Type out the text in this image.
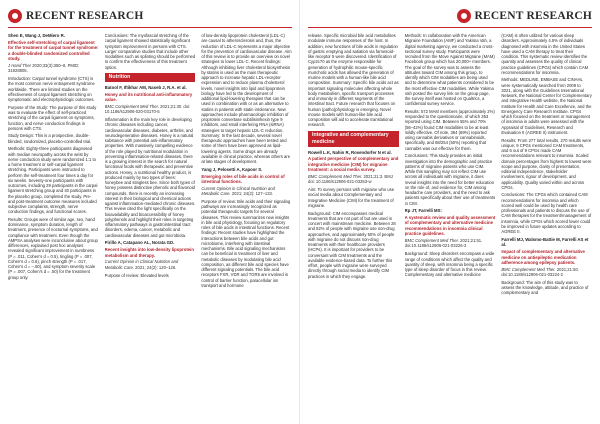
RECENT RESEARCH
Shen E, Wang J, DeMiero R.
Effective self-stretching of carpal ligament for the treatment of carpal tunnel syndrome: a double-blinded randomized controlled study.
J Hand Ther 2020;33(3):350–8. PMID: 31928805.

Introduction: Carpal tunnel syndrome (CTS) is the most common nerve entrapment syndrome worldwide. There are limited studies on the effectiveness of carpal ligament stretching on symptomatic and electrophysiologic outcomes.

Purpose of the Study: The purpose of this study was to evaluate the effect of self-practiced stretching of the carpal ligament on symptoms, function, and nerve conduction findings in persons with CTS.

Study Design: This is a prospective, double-blinded, randomized, placebo-controlled trial.

Methods: Eighty-three participants diagnosed with median neuropathy across the wrist by nerve conduction study were randomized 1:1 to a home treatment or self-carpal ligament stretching. Participants were instructed to perform the self-treatment four times a day for six weeks. Seventy-one participants with outcomes, including 29 participants in the carpal ligament stretching group and 40 participants in the placebo group, completed the study. Pre- and post-treatment outcome measures included subjective complaints, strength, nerve conduction findings, and functional scores.

Results: Groups were of similar age, sex, hand dominance, symptom duration, length of treatment, presence of nocturnal symptoms, and compliance with treatment. Even though the AMPSA analyses were inconclusive about group differences, explained post hoc analyses revealed significant improvement in numbness (P = .011, Cohen's d = 0.5), tingling (P = .007, Cohen's d = 0.6), pinch strength (P = .017, Cohen's d = −.50), and symptom severity scale (P = .007, Cohen's d = .50) for the treatment group only.

Conclusions: The myofascial stretching of the carpal ligament showed statistically significant symptom improvement in persons with CTS. Larger comparative studies that include other modalities such as splinting should be performed to confirm the effectiveness of this treatment option.

Nutrition
Batool F, Iftikhar AM, Naseb J, R.A. et al.
Honey and its nutritional anti-inflammatory value.
BMC Complement Med Ther. 2021;21:30. doi: 10.1186/s12906-020-03170-5

Inflammation is the main key role in developing chronic diseases including cancer, cardiovascular diseases, diabetes, arthritis, and neurodegenerative diseases. Honey is a natural substance with potential anti-inflammatory properties. With massively compelling evidence of the role played by nutritional modulation in preventing inflammation-related diseases, there is a growing interest in the search for natural functional foods with therapeutic and preventive actions. Honey, a nutritional healthy product, is produced mainly by two types of bees: honeybee and stingless bee. Since both types of honey possess distinctive phenolic and flavonoid compounds, there is recently an increasing interest in their biological and chemical actions against inflammation-mediated chronic diseases. This review cited the light specifically on the bioavailability and bioaccessibility of honey polyphenols and highlight their roles in targeting inflammatory pathways in gastrointestinal tract disorders, edema, cancer, metabolic and cardiovascular diseases and gut microbiota.

Pirillo A, Catapano AL, Norata GD.
Recent insights into low-density lipoprotein metabolism and therapy.
Current Opinion in Clinical Nutrition and Metabolic Care. 2021; 24(2): 120–126.

Purpose of review: Elevated levels

of low-density lipoprotein cholesterol (LDL-C) are causal to atherosclerosis and, thus, the reduction of LDL-C represents a major objective for the prevention of cardiovascular disease. Aim of this review is to provide an overview on novel strategies to lower LDL-C. Recent findings: Although inhibiting liver cholesterol biosynthesis by statins is used as the main therapeutic approach to increase hepatic LDL-receptor expression and to reduce plasma cholesterol levels, novel insights into lipid and lipoprotein biology have led to the development of additional lipid-lowering therapies that can be used in combination with or as an alternative to statins in patients with statin intolerance. New approaches include pharmacologic inhibition of proprotein convertase subtilisin/kexin type 9 inhibitors, and small interfering RNA (siRNA) strategies to target hepatic LDL-C reduction. Summary: In the last decade, several novel therapeutic approaches have been tested and some of them have been approved as lipid-lowering agents. Some drugs are already available in clinical practice, whereas others are at late stages of development.

Yang J, Pelosetti A, Kapoor S.
Emerging roles of bile acids in control of intestinal functions.
Current Opinion in Clinical Nutrition and Metabolic Care. 2021; 24(2): 127–133.

Purpose of review: Bile acids and their signaling pathways are increasingly recognized as potential therapeutic targets for several diseases. This review summarizes new insights in bile acid physiology, focusing on regulatory roles of bile acids in intestinal functions. Recent findings: Recent studies have highlighted the interactions between bile acids and gut microbiome, interfering with intestinal mechanisms. Bile acid signaling mechanisms can be beneficial in treatment of liver and metabolic diseases by modulating bile acid composition, as different bile acid species have different signaling potentials. The bile acid receptors FXR, VDR and TGR5 are involved in control of barrier function, paracellular ion transport and hormone

RECENT RESEARCH

release. Specific microbial bile acid metabolites modulate immune responses of the host. In addition, new functions of bile acids in regulation of gastric emptying and satiation via farnesoid-like receptor 5 were discovered. Identification of Cyp2c70 as the enzyme responsible for generation of hydrophilic mouse-specific muricholic acids has allowed the generation of murine models with a human-like bile acid composition. Summary: Specific bile acids act as important signaling molecules affecting whole body metabolism, specific transport processes and immunity in different segments of the intestinal tract. Future research that focuses on human (patho)physiology is emerging. Novel mouse models with human-like bile acid composition will aid to accelerate translational research.

Integrative and complementary medicine
Rowell L.K, Nahin R, Rosendorfer N et al.
A patient perspective of complementary and integrative medicine (CIM) for migraine treatment: a social media survey.
BMC Complement Med Ther. 2021;21:3. BMJ doi: 10.1186/s12906-021-03253-w

Aim: To survey persons with migraine who use social media about Complementary and Integrative Medicine (CIM) for the treatment of migraine.

Background: CIM encompasses medical treatments that are not part of but are used in concert with mainstream medicine. Between 28 and 82% of people with migraine use non-drug approaches, and approximately 50% of people with migraine do not discuss non-drug treatments with their healthcare providers (HCPs). It is important for providers to be conversant with CIM treatments and the available evidence-based data. To further this effort, people with migraine were surveyed directly through social media to identify CIM practices in which they engage.

Methods: In collaboration with the American Migraine Foundation (AMF) and Yakima Vah, a digital marketing agency, we conducted a cross-sectional survey study. Participants were recruited from the Move Against Migraine (MAM) Facebook group which has 20,000+ members. The goal of the survey was to assess the attitudes toward CIM among this group, to identify which CIM modalities are being used and to determine what patients considered to be the most effective CIM modalities. While Yakima Vah posted the survey link on the group page, the survey itself was hosted on Qualtrics, a confidential survey service.

Results: 572 MAM members (approximately 2%) responded to the questionnaire, of which 353 reported using CIM. Between 55% and 70% (56–42%) found CIM modalities to be at least mildly effective. Of note, 364 (69%) reported using cannabis derivatives or cannabinoids, specifically, and 68/254 (50%) reporting that cannabis was our effective for them.

Conclusions: This study provides an initial investigation into the demographic and practice patterns of migraine patients who use CIM. While this sampling may not reflect CIM use across all individuals with migraine, it does reveal insights into the need for better education on the role of, and evidence for, CIM among headache care providers, and the need to ask patients specifically about their use of treatments in CIM.

Rp JT, Farrelli MS:
A systematic review and quality assessment of complementary and alternative medicine recommendations in insomnia clinical practice guidelines.
BMC Complement Med Ther. 2021;21:51. doi:10.1186/s12906-021-03226-3

Background: Sleep disorders encompass a wide range of conditions which affect the quality and quantity of sleep, with insomnia being a specific type of sleep disorder of focus in this review. Complementary and alternative medicine

(CAM) is often utilized for various sleep disorders. Approximately 4.5% of individuals diagnosed with insomnia in the United States have used a CAM therapy to treat their condition. This systematic review identifies the quantity and assesses the quality of clinical practice guidelines (CPGs) which contain CAM recommendations for insomnia.

Methods: MEDLINE, EMBASE and CINAHL were systematically searched from 2009 to 2021, along with the Guidelines International Network, the National Center for Complementary and Integrative Health website, the National Institute for Health and Care Excellence, and the Emergency Care Research Institute. CPGs which focused on the treatment or management of insomnia in adults were assessed with the Appraisal of Guidelines, Research and Evaluation II (AGREE II) instrument.

Results: From 277 total results, 270 results were unique; 9 CPGs mentioned CAM treatments, and 6 out of 9 CPGs made CAM recommendations relevant to insomnia. Scaled domain percentages from highest to lowest were scope and purpose, clarity of presentation, editorial independence, stakeholder involvement, rigour of development, and applicability. Quality varied within and across CPGs.

Conclusions: The CPGs which contained CAM recommendations for insomnia and which scored well could be used by health care professionals and patients to discuss the use of CAM therapies for the treatment/management of insomnia, while CPGs which scored lower could be improved in future updates according to AGREE II.

Farrelli MJ, Walsmo-Battie M, Farrelli AS et al.
Impact of complementary and alternative medicine on antiepileptic medication adherence among epilepsy patients.
BMC Complement Med Ther. 2021;21:50. doi:10.1186/s12906-021-03224-2

Background: The aim of this study was to assess the knowledge, attitude, and practice of complementary and
